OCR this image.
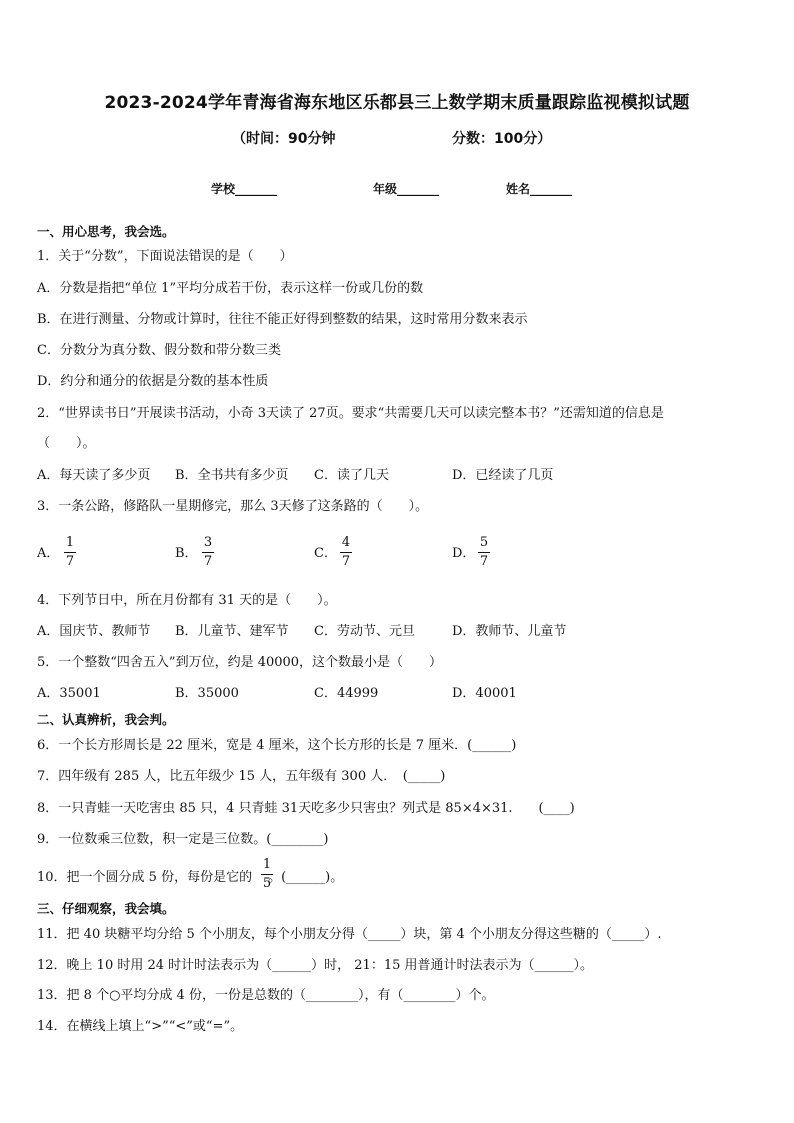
2023-2024学年青海省海东地区乐都县三上数学期末质量跟踪监视模拟试题
（时间：90分钟	分数：100分）
学校_______	年级_______	姓名_______
一、用心思考，我会选。
1．关于“分数”，下面说法错误的是（　　）
A．分数是指把“单位 1”平均分成若干份，表示这样一份或几份的数
B．在进行测量、分物或计算时，往往不能正好得到整数的结果，这时常用分数来表示
C．分数分为真分数、假分数和带分数三类
D．约分和通分的依据是分数的基本性质
2．“世界读书日”开展读书活动，小奇 3天读了 27页。要求“共需要几天可以读完整本书？”还需知道的信息是
（　　）。
A．每天读了多少页 B．全书共有多少页 C．读了几天	D．已经读了几页
3．一条公路，修路队一星期修完，那么 3天修了这条路的（　　）。
A．
1
7
B．
3
7
C．
4
7
D．
5
7
4．下列节日中，所在月份都有 31 天的是（　　）。
A．国庆节、教师节 B．儿童节、建军节 C．劳动节、元旦	D．教师节、儿童节
5．一个整数“四舍五入”到万位，约是 40000，这个数最小是（　　）
A．35001	B．35000	C．44999	D．40001
二、认真辨析，我会判。
6．一个长方形周长是 22 厘米，宽是 4 厘米，这个长方形的长是 7 厘米．(______)
7．四年级有 285 人，比五年级少 15 人，五年级有 300 人．　(_____)
8．一只青蛙一天吃害虫 85 只，4 只青蛙 31天吃多少只害虫？列式是 85×4×31.　　(____)
9．一位数乘三位数，积一定是三位数。(________)
10．把一个圆分成 5 份，每份是它的 。(______)。
1
5
三、仔细观察，我会填。
11．把 40 块糖平均分给 5 个小朋友，每个小朋友分得（_____）块，第 4 个小朋友分得这些糖的（_____）.
12．晚上 10 时用 24 时计时法表示为（______）时， 21：15 用普通计时法表示为（______）。
13．把 8 个○平均分成 4 份，一份是总数的（________），有（________）个。
14．在横线上填上“>”“<”或“=”。
